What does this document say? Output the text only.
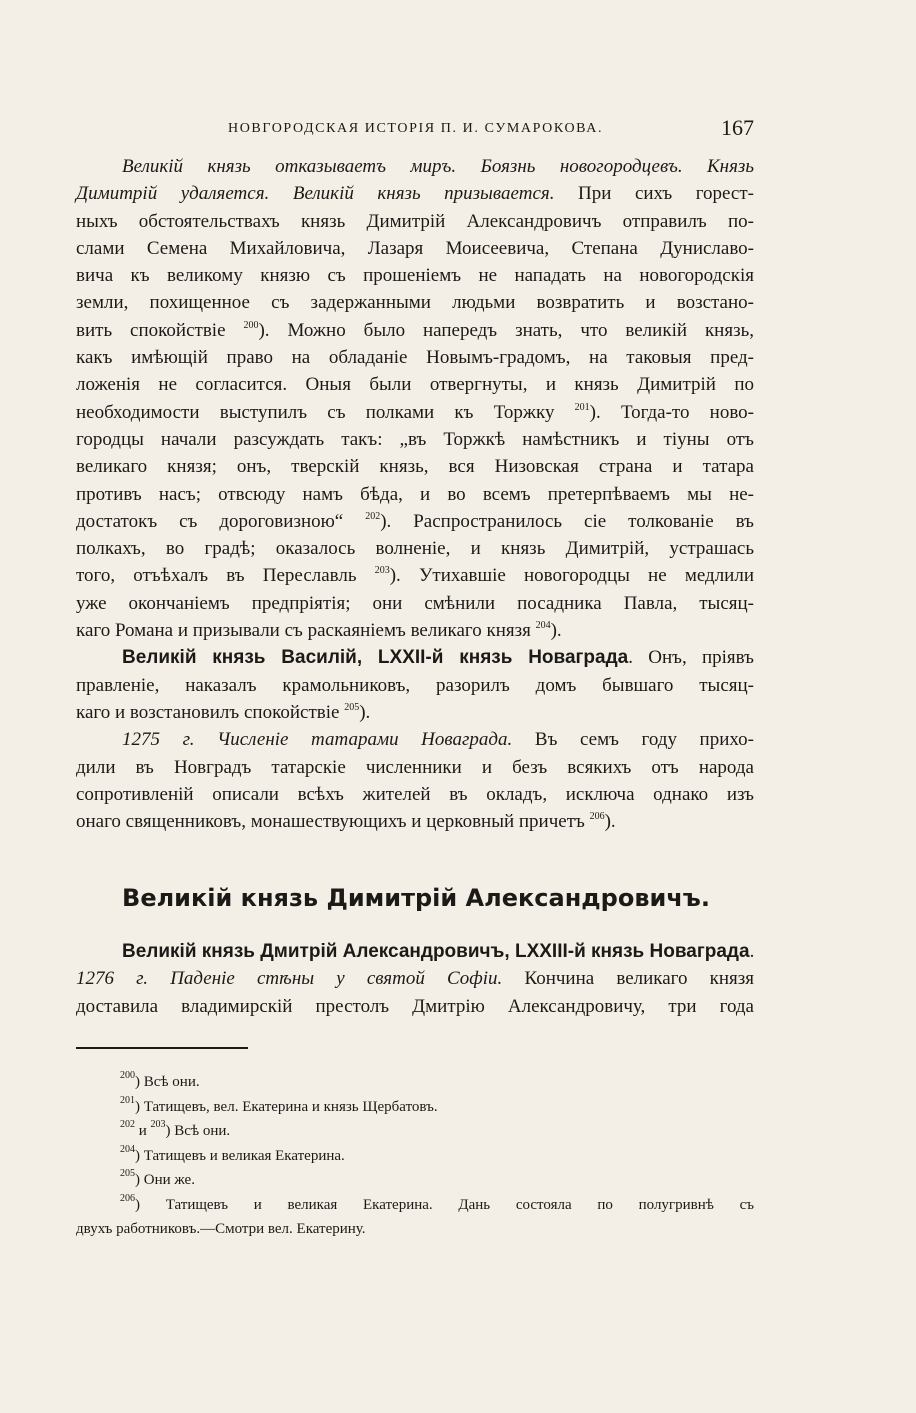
НОВГОРОДСКАЯ ИСТОРІЯ П. И. СУМАРОКОВА.	167
Великій князь отказываетъ миръ. Боязнь новогородцевъ. Князь
Димитрій удаляется. Великій князь призывается. При сихъ горест-
ныхъ обстоятельствахъ князь Димитрій Александровичъ отправилъ по-
слами Семена Михайловича, Лазаря Моисеевича, Степана Дуниславо-
вича къ великому князю съ прошеніемъ не нападать на новогородскія
земли, похищенное съ задержанными людьми возвратить и возстано-
вить спокойствіе $^{200}$). Можно было напередъ знать, что великій князь,
какъ имѣющій право на обладаніе Новымъ-градомъ, на таковыя пред-
ложенія не согласится. Оныя были отвергнуты, и князь Димитрій по
необходимости выступилъ съ полками къ Торжку $^{201}$). Тогда-то ново-
городцы начали разсуждать такъ: „въ Торжкѣ намѣстникъ и тіуны отъ
великаго князя; онъ, тверскій князь, вся Низовская страна и татара
противъ насъ; отвсюду намъ бѣда, и во всемъ претерпѣваемъ мы не-
достатокъ съ дороговизною“ $^{202}$). Распространилось сіе толкованіе въ
полкахъ, во градѣ; оказалось волненіе, и князь Димитрій, устрашась
того, отъѣхалъ въ Переславль $^{203}$). Утихавшіе новогородцы не медлили
уже окончаніемъ предпріятія; они смѣнили посадника Павла, тысяц-
каго Романа и призывали съ раскаяніемъ великаго князя $^{204}$).
Великій князь Василій, LXXII-й князь Новаграда. Онъ, пріявъ
правленіе, наказалъ крамольниковъ, разорилъ домъ бывшаго тысяц-
каго и возстановилъ спокойствіе $^{205}$).
1275 г. Численіе татарами Новаграда. Въ семъ году прихо-
дили въ Новградъ татарскіе численники и безъ всякихъ отъ народа
сопротивленій описали всѣхъ жителей въ окладъ, исключа однако изъ
онаго священниковъ, монашествующихъ и церковный причетъ $^{206}$).
Великій князь Димитрій Александровичъ.
Великій князь Дмитрій Александровичъ, LXXIII-й князь Новаграда.
1276 г. Паденіе стѣны у святой Софіи. Кончина великаго князя
доставила владимирскій престолъ Дмитрію Александровичу, три года
$^{200}$) Всѣ они.
$^{201}$) Татищевъ, вел. Екатерина и князь Щербатовъ.
$^{202}$ и $^{203}$) Всѣ они.
$^{204}$) Татищевъ и великая Екатерина.
$^{205}$) Они же.
$^{206}$) Татищевъ и великая Екатерина. Дань состояла по полугривнѣ съ
двухъ работниковъ.—Смотри вел. Екатерину.
